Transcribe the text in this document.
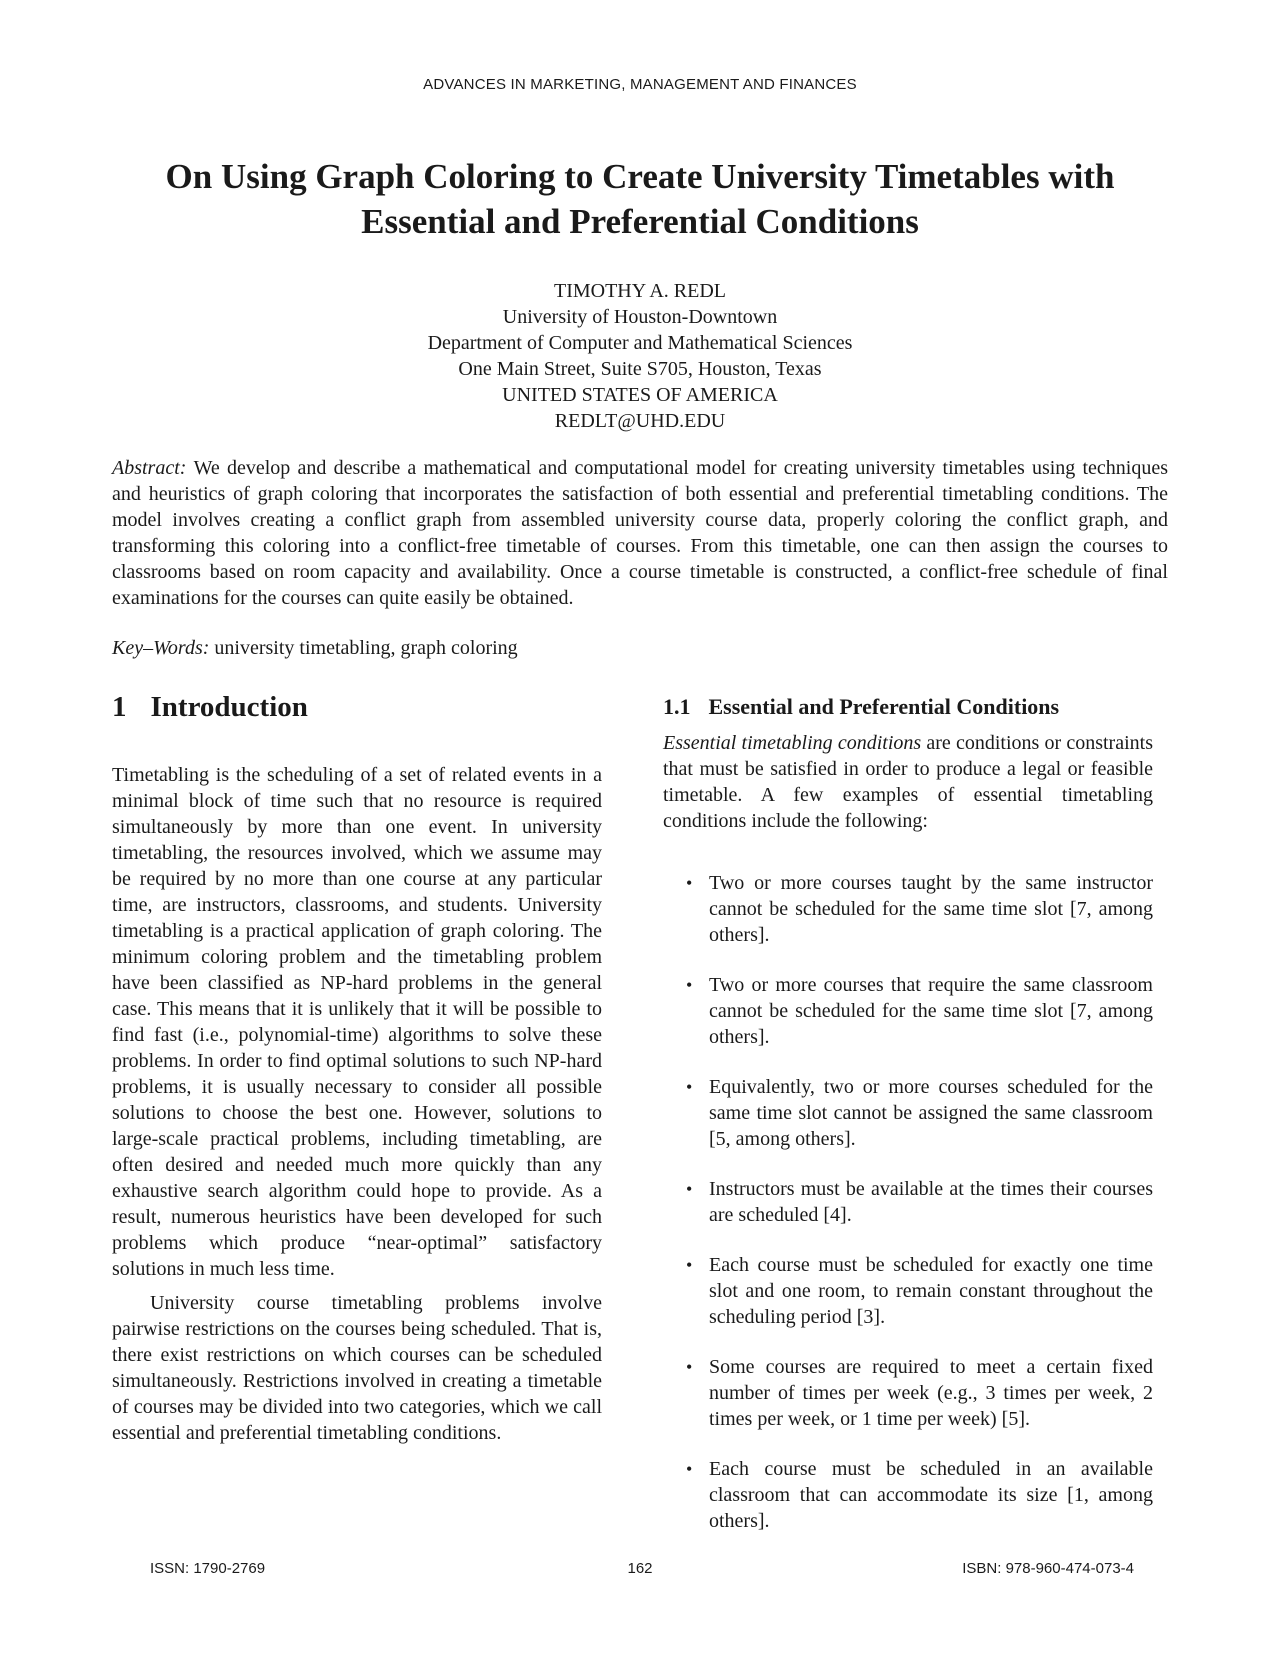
ADVANCES IN MARKETING, MANAGEMENT AND FINANCES
On Using Graph Coloring to Create University Timetables with Essential and Preferential Conditions
TIMOTHY A. REDL
University of Houston-Downtown
Department of Computer and Mathematical Sciences
One Main Street, Suite S705, Houston, Texas
UNITED STATES OF AMERICA
REDLT@UHD.EDU

Abstract: We develop and describe a mathematical and computational model for creating university timetables using techniques and heuristics of graph coloring that incorporates the satisfaction of both essential and preferential timetabling conditions. The model involves creating a conflict graph from assembled university course data, properly coloring the conflict graph, and transforming this coloring into a conflict-free timetable of courses. From this timetable, one can then assign the courses to classrooms based on room capacity and availability. Once a course timetable is constructed, a conflict-free schedule of final examinations for the courses can quite easily be obtained.

Key–Words: university timetabling, graph coloring

1 Introduction

Timetabling is the scheduling of a set of related events in a minimal block of time such that no resource is required simultaneously by more than one event. In university timetabling, the resources involved, which we assume may be required by no more than one course at any particular time, are instructors, classrooms, and students. University timetabling is a practical application of graph coloring. The minimum coloring problem and the timetabling problem have been classified as NP-hard problems in the general case. This means that it is unlikely that it will be possible to find fast (i.e., polynomial-time) algorithms to solve these problems. In order to find optimal solutions to such NP-hard problems, it is usually necessary to consider all possible solutions to choose the best one. However, solutions to large-scale practical problems, including timetabling, are often desired and needed much more quickly than any exhaustive search algorithm could hope to provide. As a result, numerous heuristics have been developed for such problems which produce “near-optimal” satisfactory solutions in much less time.

University course timetabling problems involve pairwise restrictions on the courses being scheduled. That is, there exist restrictions on which courses can be scheduled simultaneously. Restrictions involved in creating a timetable of courses may be divided into two categories, which we call essential and preferential timetabling conditions.

1.1 Essential and Preferential Conditions

Essential timetabling conditions are conditions or constraints that must be satisfied in order to produce a legal or feasible timetable. A few examples of essential timetabling conditions include the following:

• Two or more courses taught by the same instructor cannot be scheduled for the same time slot [7, among others].
• Two or more courses that require the same classroom cannot be scheduled for the same time slot [7, among others].
• Equivalently, two or more courses scheduled for the same time slot cannot be assigned the same classroom [5, among others].
• Instructors must be available at the times their courses are scheduled [4].
• Each course must be scheduled for exactly one time slot and one room, to remain constant throughout the scheduling period [3].
• Some courses are required to meet a certain fixed number of times per week (e.g., 3 times per week, 2 times per week, or 1 time per week) [5].
• Each course must be scheduled in an available classroom that can accommodate its size [1, among others].
ISSN: 1790-2769	162	ISBN: 978-960-474-073-4
